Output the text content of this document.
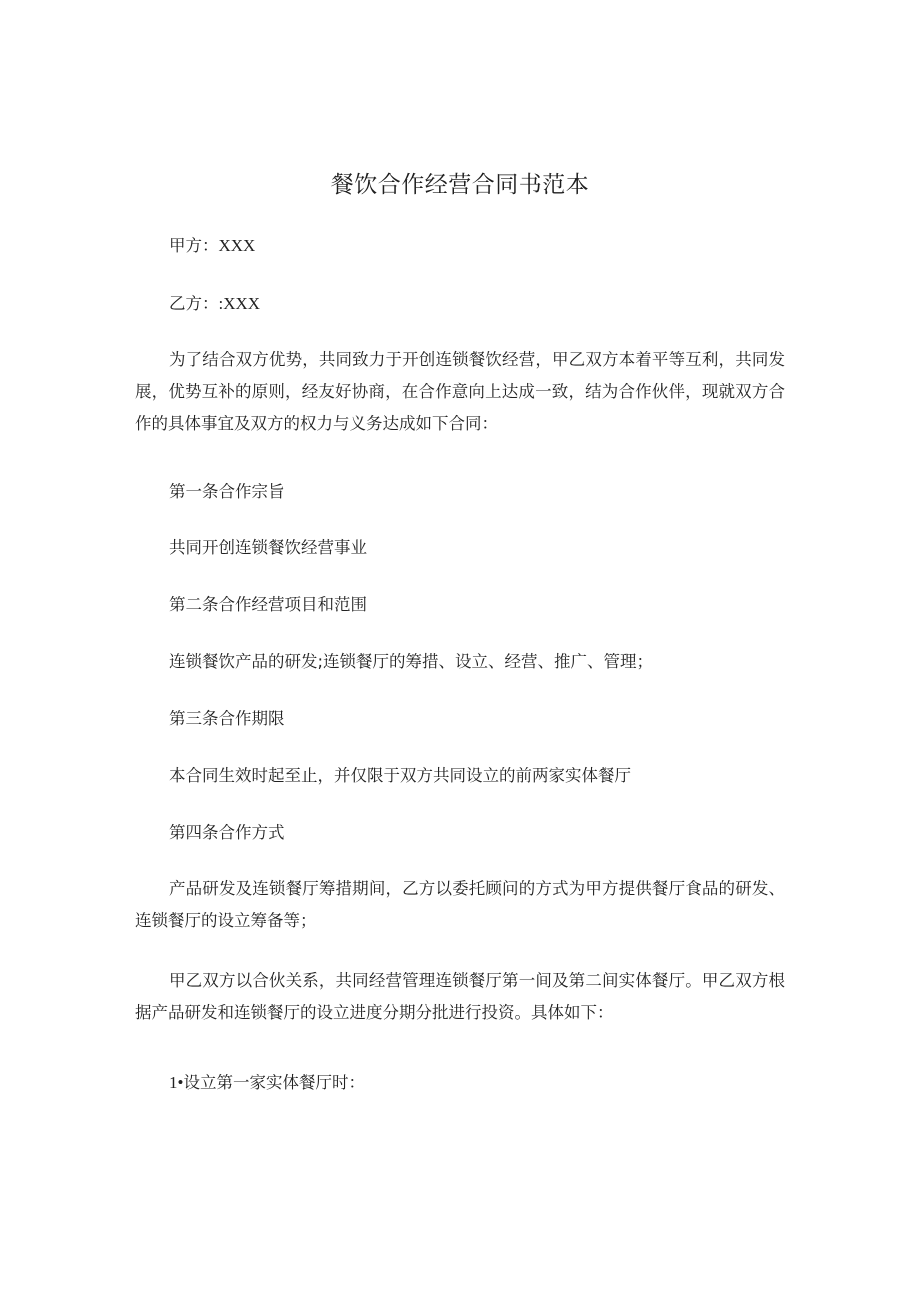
餐饮合作经营合同书范本
甲方：XXX
乙方：:XXX
为了结合双方优势，共同致力于开创连锁餐饮经营，甲乙双方本着平等互利，共同发展，优势互补的原则，经友好协商，在合作意向上达成一致，结为合作伙伴，现就双方合作的具体事宜及双方的权力与义务达成如下合同：
第一条合作宗旨
共同开创连锁餐饮经营事业
第二条合作经营项目和范围
连锁餐饮产品的研发;连锁餐厅的筹措、设立、经营、推广、管理；
第三条合作期限
本合同生效时起至止，并仅限于双方共同设立的前两家实体餐厅
第四条合作方式
产品研发及连锁餐厅筹措期间，乙方以委托顾问的方式为甲方提供餐厅食品的研发、连锁餐厅的设立筹备等；
甲乙双方以合伙关系，共同经营管理连锁餐厅第一间及第二间实体餐厅。甲乙双方根据产品研发和连锁餐厅的设立进度分期分批进行投资。具体如下：
1•设立第一家实体餐厅时：
